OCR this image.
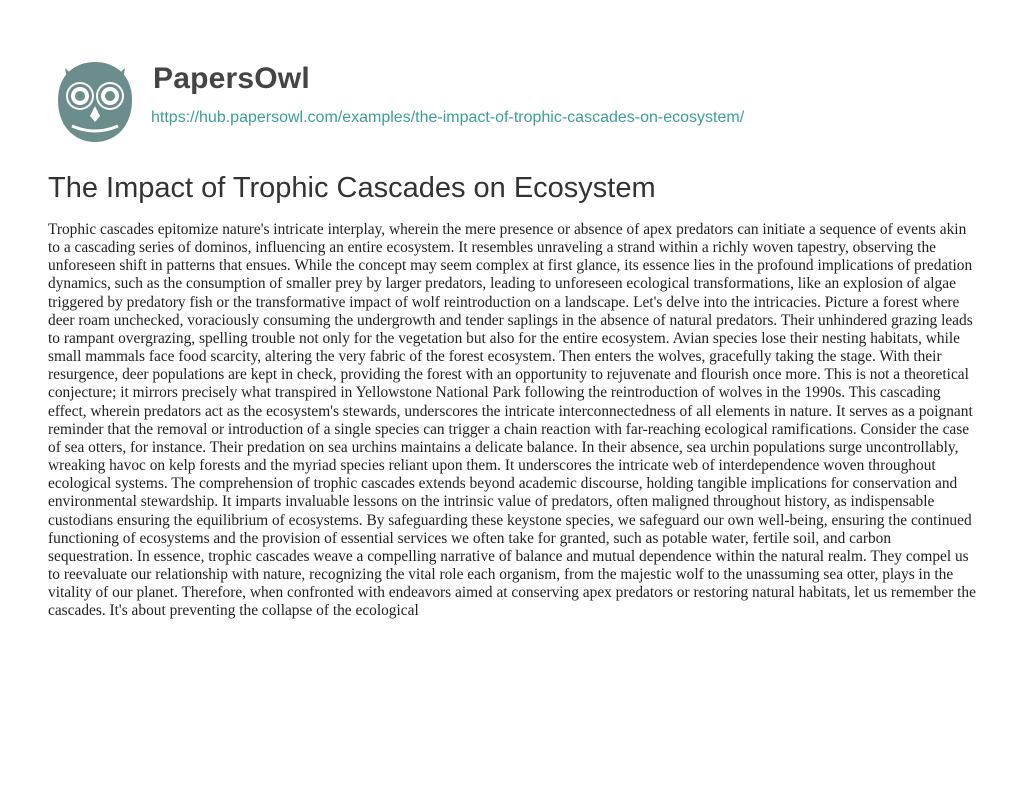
PapersOwl
https://hub.papersowl.com/examples/the-impact-of-trophic-cascades-on-ecosystem/
The Impact of Trophic Cascades on Ecosystem

Trophic cascades epitomize nature's intricate interplay, wherein the mere presence or absence of apex predators can initiate a sequence of events akin to a cascading series of dominos, influencing an entire ecosystem. It resembles unraveling a strand within a richly woven tapestry, observing the unforeseen shift in patterns that ensues. While the concept may seem complex at first glance, its essence lies in the profound implications of predation dynamics, such as the consumption of smaller prey by larger predators, leading to unforeseen ecological transformations, like an explosion of algae triggered by predatory fish or the transformative impact of wolf reintroduction on a landscape. Let's delve into the intricacies. Picture a forest where deer roam unchecked, voraciously consuming the undergrowth and tender saplings in the absence of natural predators. Their unhindered grazing leads to rampant overgrazing, spelling trouble not only for the vegetation but also for the entire ecosystem. Avian species lose their nesting habitats, while small mammals face food scarcity, altering the very fabric of the forest ecosystem. Then enters the wolves, gracefully taking the stage. With their resurgence, deer populations are kept in check, providing the forest with an opportunity to rejuvenate and flourish once more. This is not a theoretical conjecture; it mirrors precisely what transpired in Yellowstone National Park following the reintroduction of wolves in the 1990s. This cascading effect, wherein predators act as the ecosystem's stewards, underscores the intricate interconnectedness of all elements in nature. It serves as a poignant reminder that the removal or introduction of a single species can trigger a chain reaction with far-reaching ecological ramifications. Consider the case of sea otters, for instance. Their predation on sea urchins maintains a delicate balance. In their absence, sea urchin populations surge uncontrollably, wreaking havoc on kelp forests and the myriad species reliant upon them. It underscores the intricate web of interdependence woven throughout ecological systems. The comprehension of trophic cascades extends beyond academic discourse, holding tangible implications for conservation and environmental stewardship. It imparts invaluable lessons on the intrinsic value of predators, often maligned throughout history, as indispensable custodians ensuring the equilibrium of ecosystems. By safeguarding these keystone species, we safeguard our own well-being, ensuring the continued functioning of ecosystems and the provision of essential services we often take for granted, such as potable water, fertile soil, and carbon sequestration. In essence, trophic cascades weave a compelling narrative of balance and mutual dependence within the natural realm. They compel us to reevaluate our relationship with nature, recognizing the vital role each organism, from the majestic wolf to the unassuming sea otter, plays in the vitality of our planet. Therefore, when confronted with endeavors aimed at conserving apex predators or restoring natural habitats, let us remember the cascades. It's about preventing the collapse of the ecological
